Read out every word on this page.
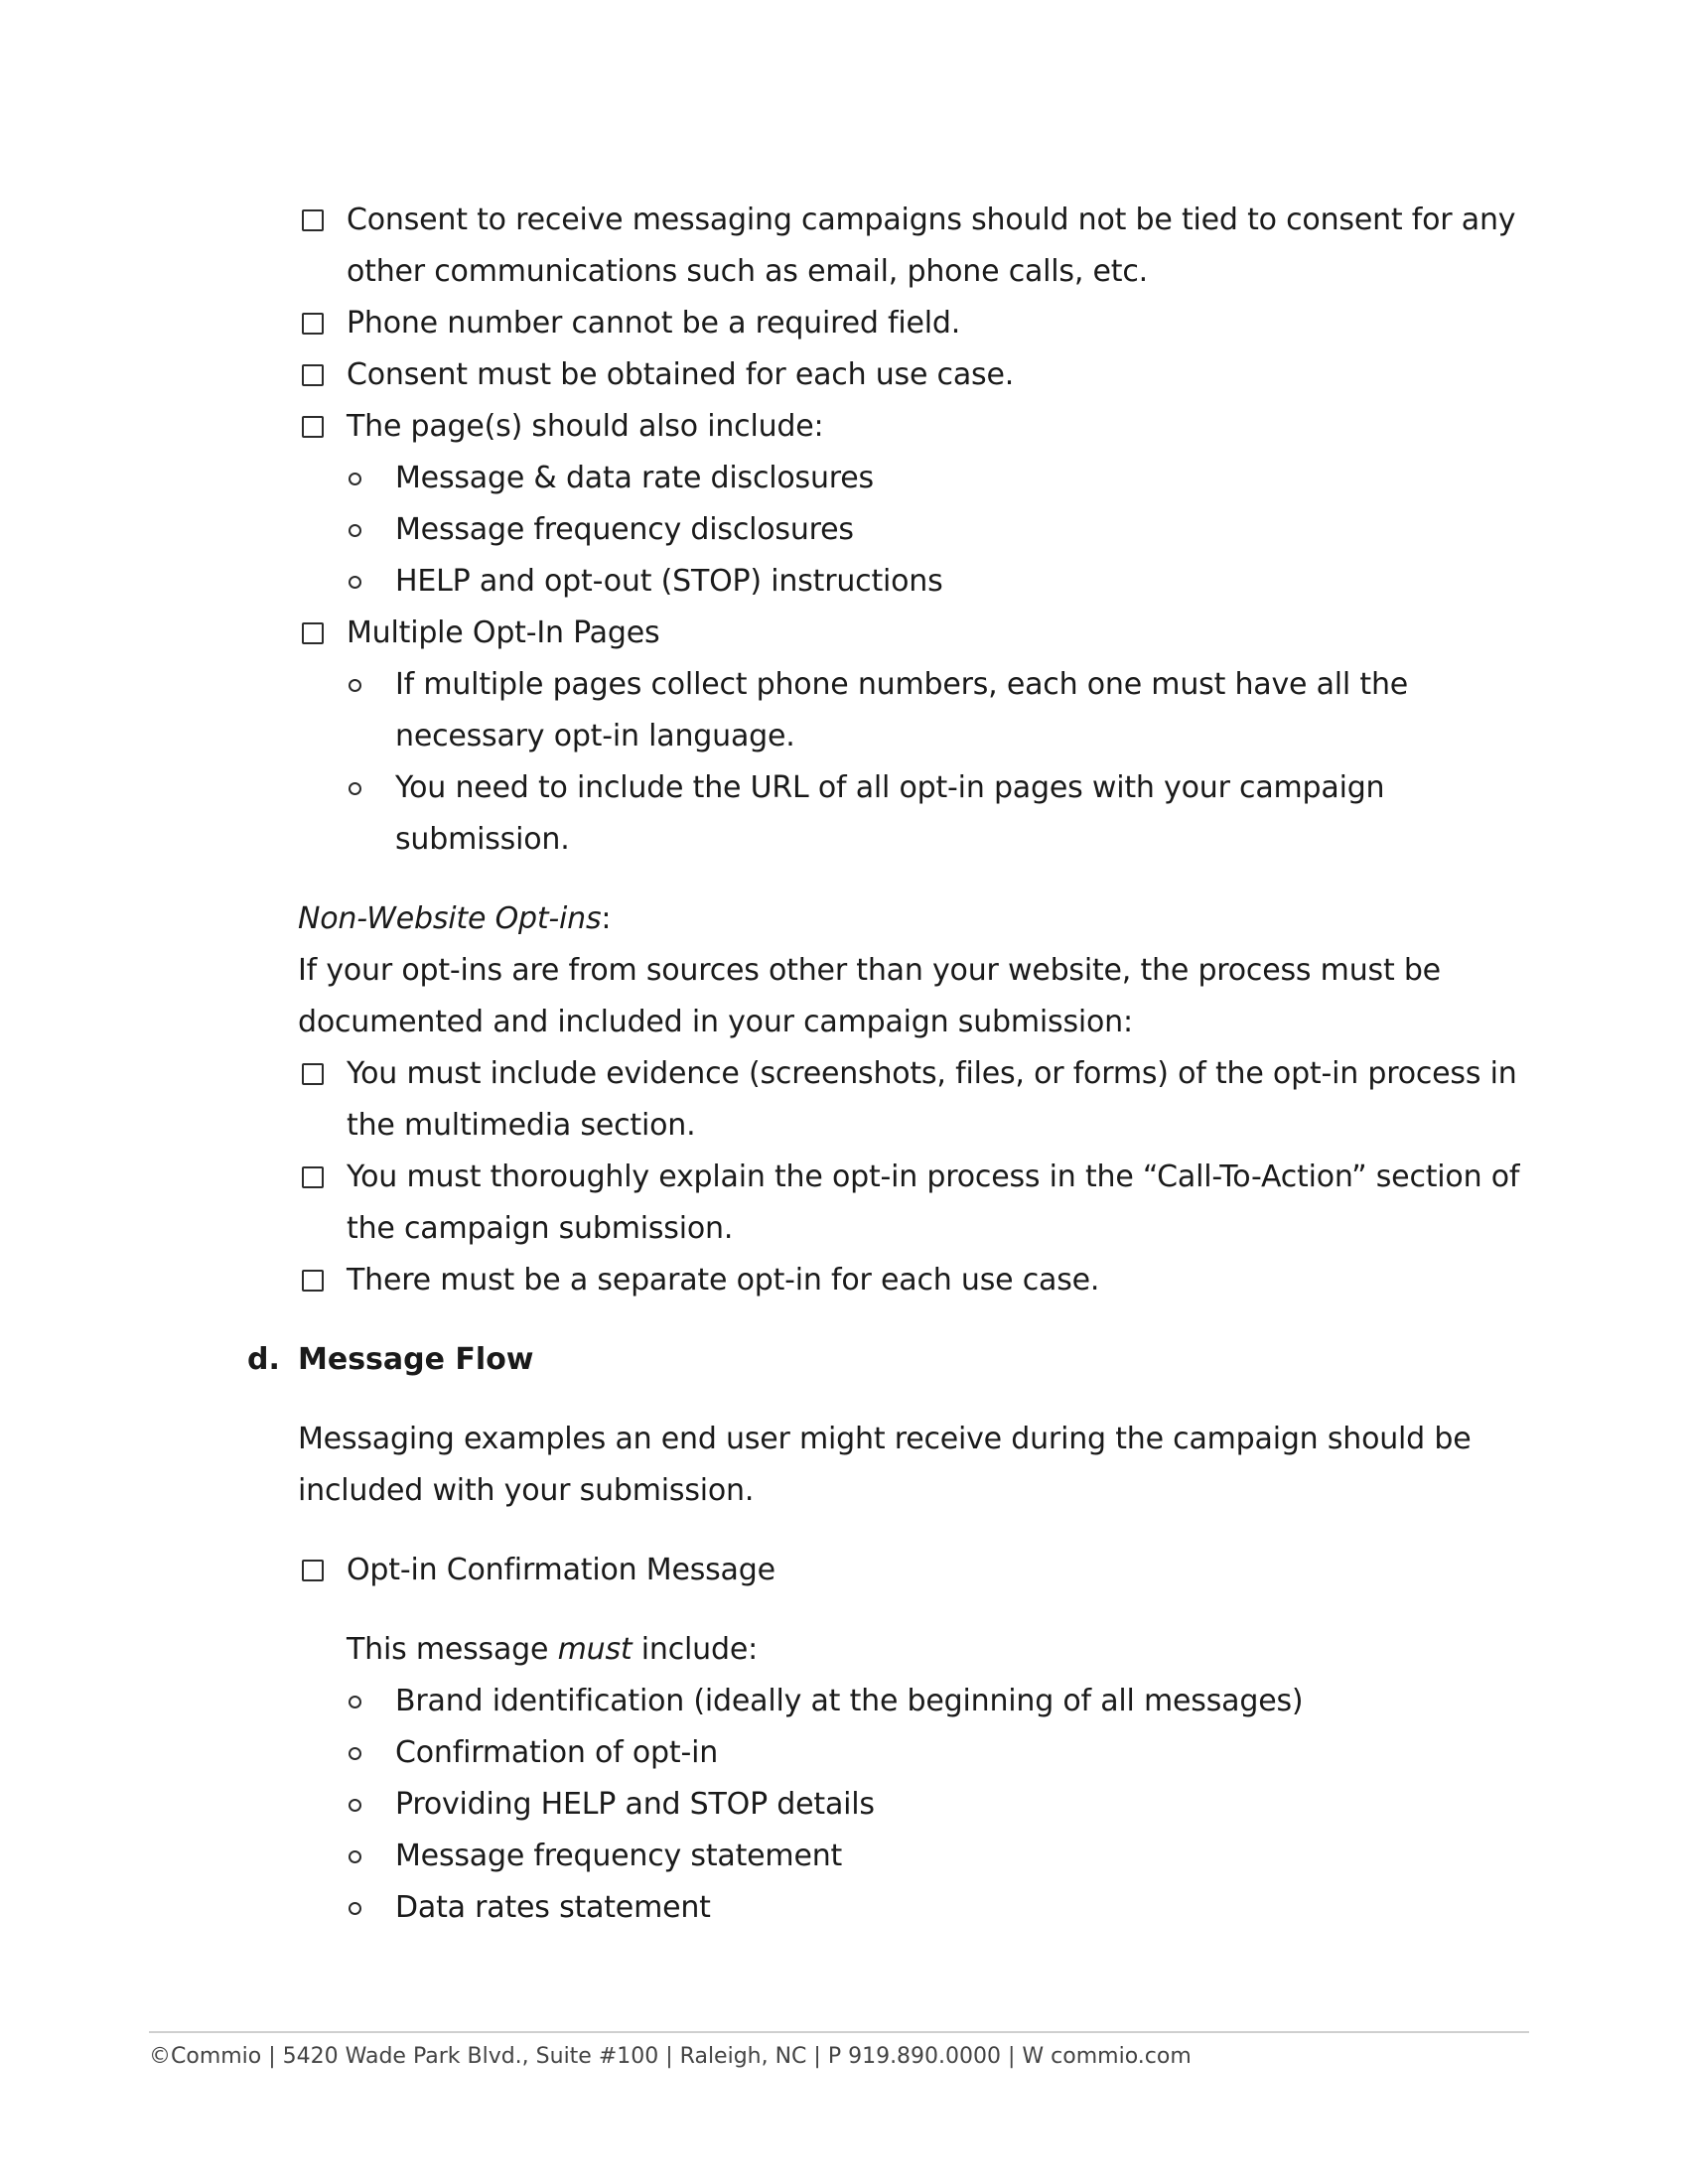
Consent to receive messaging campaigns should not be tied to consent for any other communications such as email, phone calls, etc.
Phone number cannot be a required field.
Consent must be obtained for each use case.
The page(s) should also include:
Message & data rate disclosures
Message frequency disclosures
HELP and opt-out (STOP) instructions
Multiple Opt-In Pages
If multiple pages collect phone numbers, each one must have all the necessary opt-in language.
You need to include the URL of all opt-in pages with your campaign submission.
Non-Website Opt-ins:
If your opt-ins are from sources other than your website, the process must be documented and included in your campaign submission:
You must include evidence (screenshots, files, or forms) of the opt-in process in the multimedia section.
You must thoroughly explain the opt-in process in the “Call-To-Action” section of the campaign submission.
There must be a separate opt-in for each use case.
d. Message Flow
Messaging examples an end user might receive during the campaign should be included with your submission.
Opt-in Confirmation Message
This message must include:
Brand identification (ideally at the beginning of all messages)
Confirmation of opt-in
Providing HELP and STOP details
Message frequency statement
Data rates statement
©Commio | 5420 Wade Park Blvd., Suite #100 | Raleigh, NC | P 919.890.0000 | W commio.com
